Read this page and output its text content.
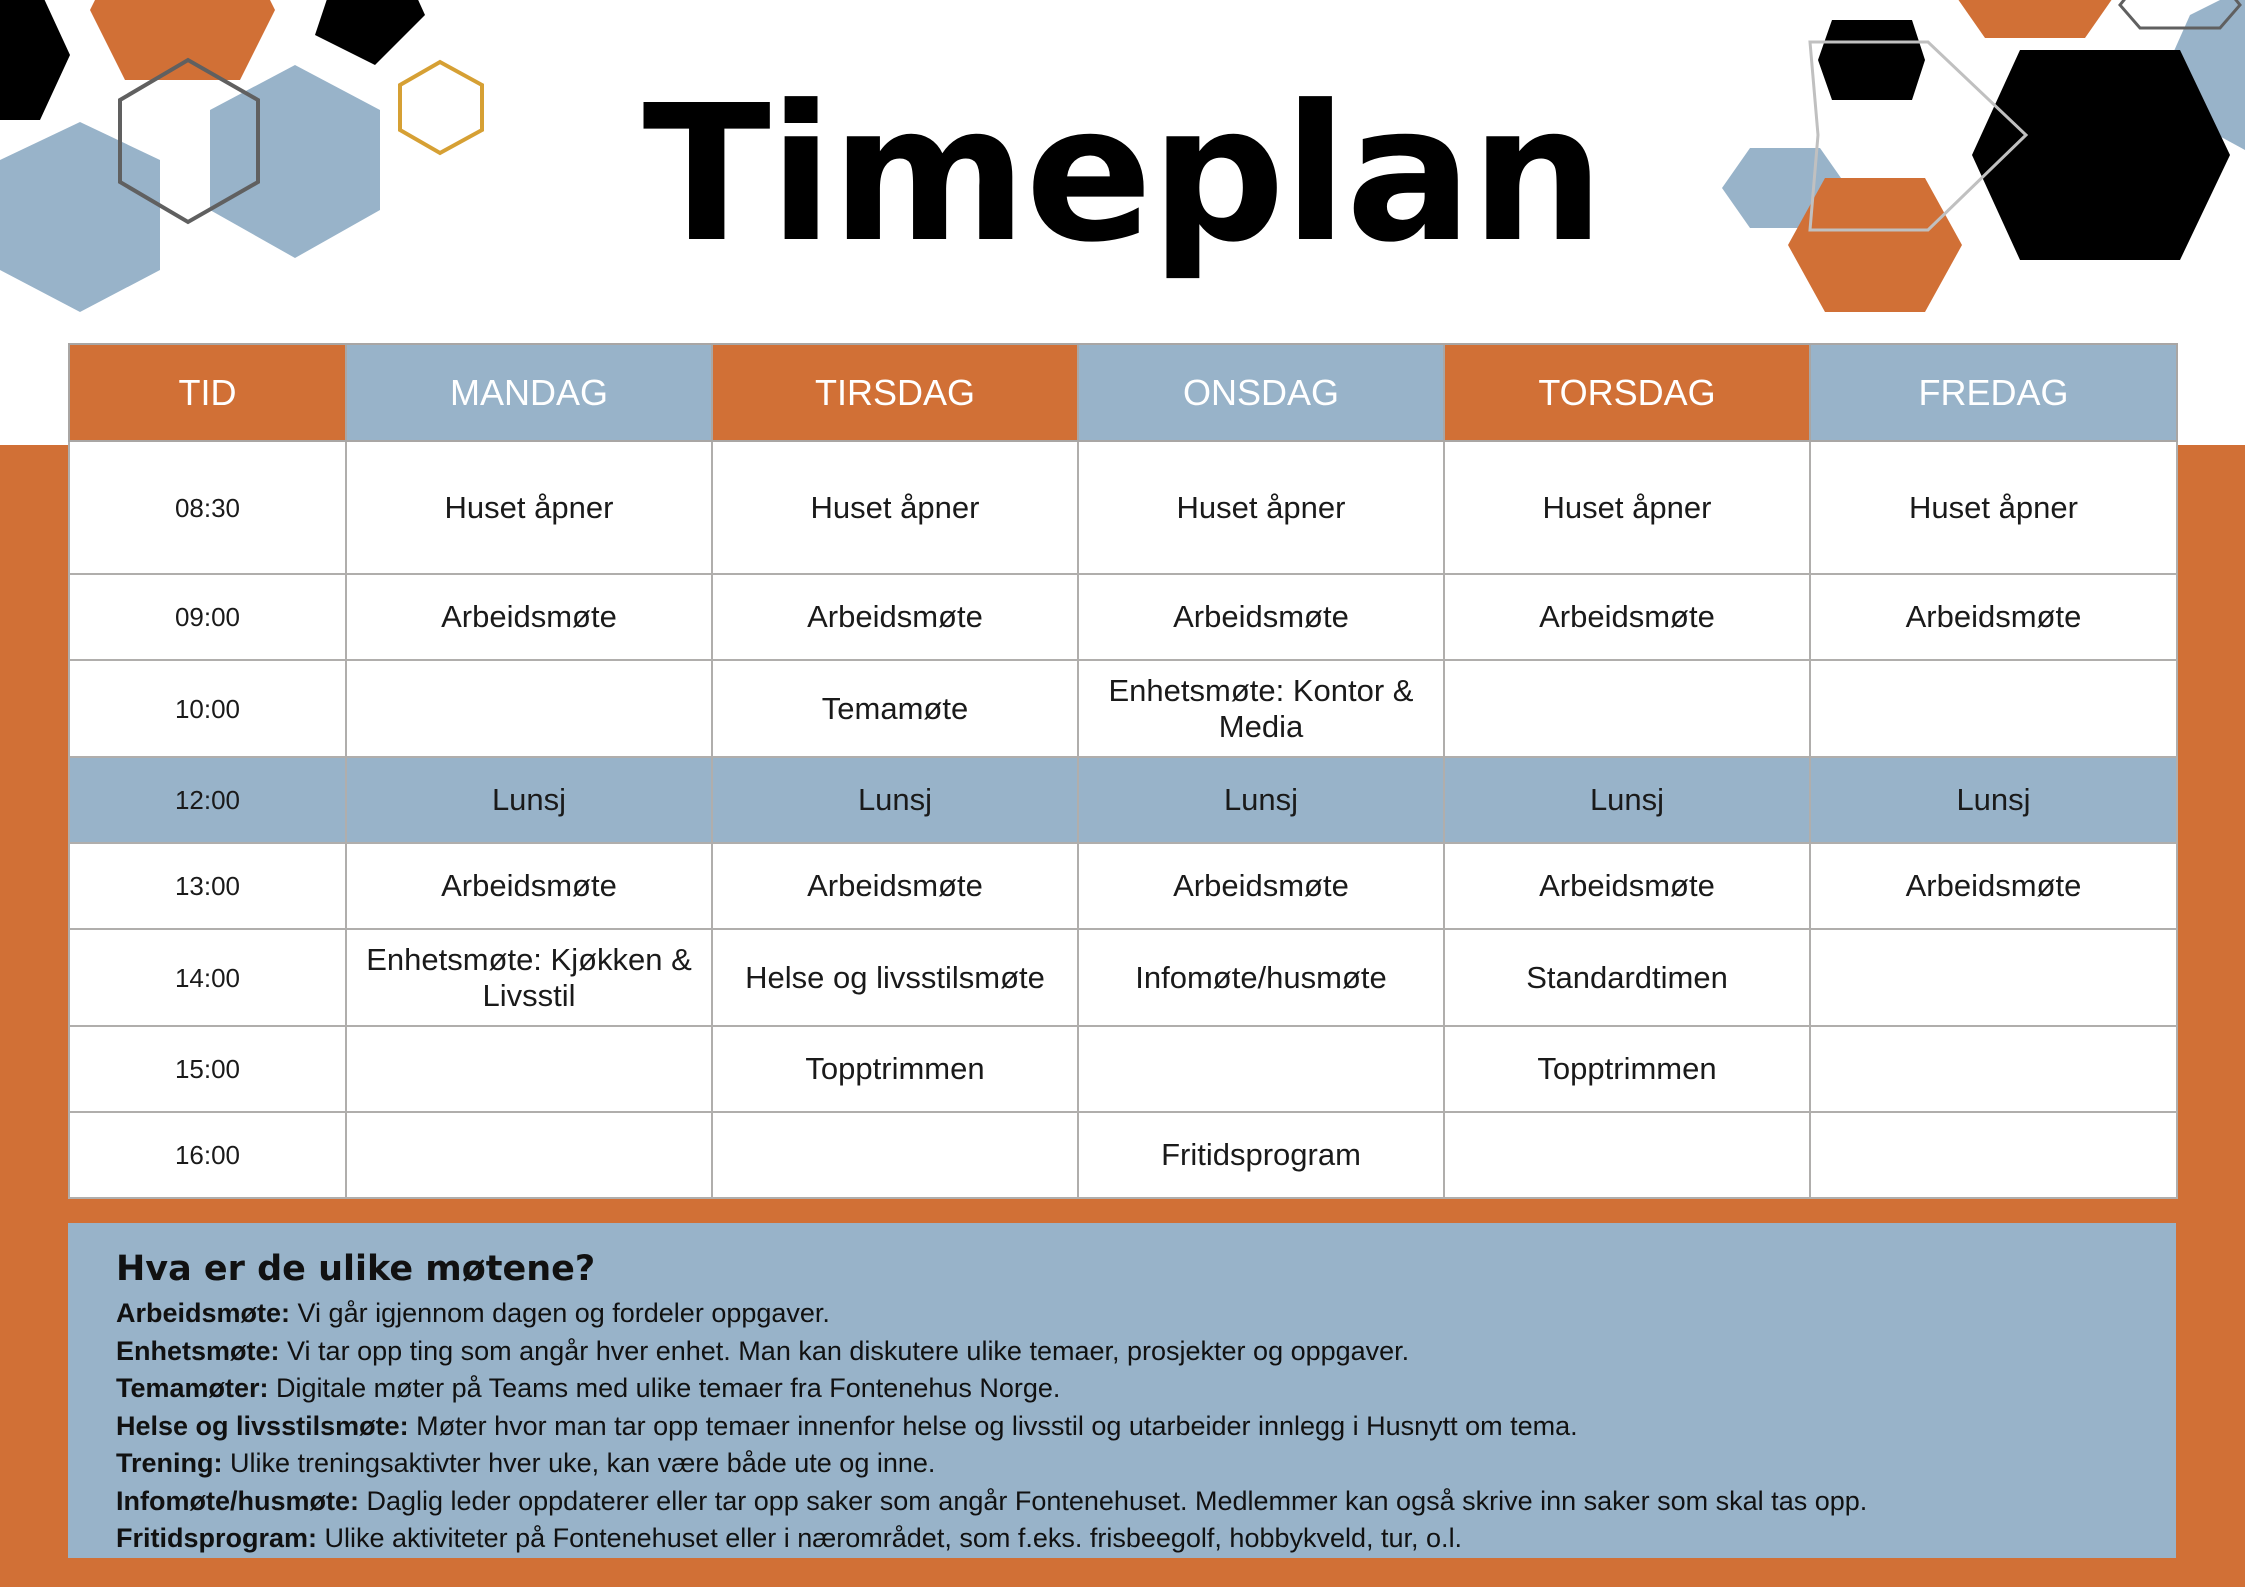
Timeplan
TID	MANDAG	TIRSDAG	ONSDAG	TORSDAG	FREDAG
08:30	Huset åpner	Huset åpner	Huset åpner	Huset åpner	Huset åpner
09:00	Arbeidsmøte	Arbeidsmøte	Arbeidsmøte	Arbeidsmøte	Arbeidsmøte
10:00		Temamøte	Enhetsmøte: Kontor & Media		
12:00	Lunsj	Lunsj	Lunsj	Lunsj	Lunsj
13:00	Arbeidsmøte	Arbeidsmøte	Arbeidsmøte	Arbeidsmøte	Arbeidsmøte
14:00	Enhetsmøte: Kjøkken & Livsstil	Helse og livsstilsmøte	Infomøte/husmøte	Standardtimen	
15:00		Topptrimmen		Topptrimmen	
16:00			Fritidsprogram		
Hva er de ulike møtene?
Arbeidsmøte: Vi går igjennom dagen og fordeler oppgaver.
Enhetsmøte: Vi tar opp ting som angår hver enhet. Man kan diskutere ulike temaer, prosjekter og oppgaver.
Temamøter: Digitale møter på Teams med ulike temaer fra Fontenehus Norge.
Helse og livsstilsmøte: Møter hvor man tar opp temaer innenfor helse og livsstil og utarbeider innlegg i Husnytt om tema.
Trening: Ulike treningsaktivter hver uke, kan være både ute og inne.
Infomøte/husmøte: Daglig leder oppdaterer eller tar opp saker som angår Fontenehuset. Medlemmer kan også skrive inn saker som skal tas opp.
Fritidsprogram: Ulike aktiviteter på Fontenehuset eller i nærområdet, som f.eks. frisbeegolf, hobbykveld, tur, o.l.
